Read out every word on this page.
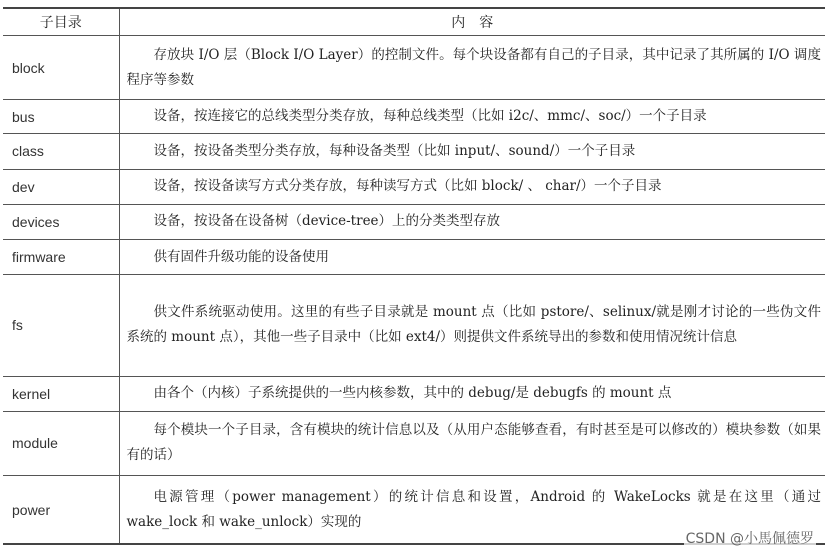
子目录	内　容
block	存放块 I/O 层（Block I/O Layer）的控制文件。每个块设备都有自己的子目录，其中记录了其所属的 I/O 调度程序等参数
bus	设备，按连接它的总线类型分类存放，每种总线类型（比如 i2c/、mmc/、soc/）一个子目录
class	设备，按设备类型分类存放，每种设备类型（比如 input/、sound/）一个子目录
dev	设备，按设备读写方式分类存放，每种读写方式（比如 block/ 、 char/）一个子目录
devices	设备，按设备在设备树（device-tree）上的分类类型存放
firmware	供有固件升级功能的设备使用
fs	供文件系统驱动使用。这里的有些子目录就是 mount 点（比如 pstore/、selinux/就是刚才讨论的一些伪文件系统的 mount 点），其他一些子目录中（比如 ext4/）则提供文件系统导出的参数和使用情况统计信息
kernel	由各个（内核）子系统提供的一些内核参数，其中的 debug/是 debugfs 的 mount 点
module	每个模块一个子目录，含有模块的统计信息以及（从用户态能够查看，有时甚至是可以修改的）模块参数（如果有的话）
power	电源管理（power management）的统计信息和设置，Android 的 WakeLocks 就是在这里（通过 wake_lock 和 wake_unlock）实现的
CSDN @小馬佩德罗
